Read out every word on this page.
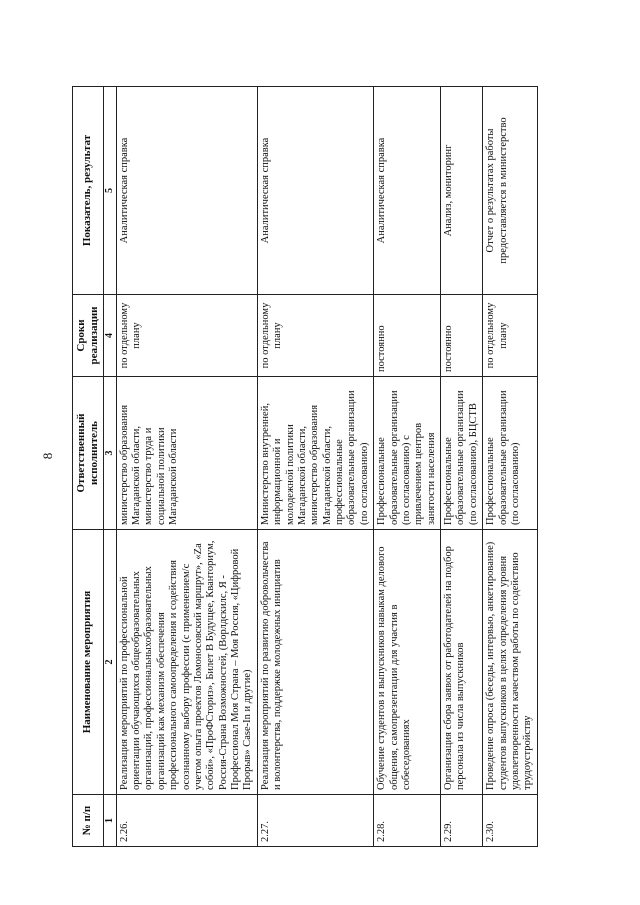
8
№ п/п	Наименование мероприятия	Ответственный исполнитель	Сроки реализации	Показатель, результат
1	2	3	4	5
2.26.	Реализация мероприятий по профессиональной ориентации обучающихся общеобразовательных организаций, профессиональныхобразовательных организаций как механизм обеспечения профессионального самоопределения и содействия осознанному выбору профессии (с применением/с учетом опыта проектов Ломоносовский маршрут», «Za собой», «ПроФСториз», Билет В Будущее, Кванториум, Россия-Страна Возможностей, (Ворлдскилс, Я - Профессионал Моя Страна – Моя Россия, «Цифровой Прорыв» Case-In и другие)	министерство образования Магаданской области, министерство труда и социальной политики Магаданской области	по отдельному плану	Аналитическая справка
2.27.	Реализация мероприятий по развитию добровольчества и волонтерства, поддержке молодежных инициатив	Министерство внутренней, информационной и молодежной политики Магаданской области, министерство образования Магаданской области, профессиональные образовательные организации (по согласованию)	по отдельному плану	Аналитическая справка
2.28.	Обучение студентов и выпускников навыкам делового общения, самопрезентации для участия в собеседованиях	Профессиональные образовательные организации (по согласованию) с привлечением центров занятости населения	постоянно	Аналитическая справка
2.29.	Организация сбора заявок от работодателей на подбор персонала из числа выпускников	Профессиональные образовательные организации (по согласованию), БЦСТВ	постоянно	Анализ, мониторинг
2.30.	Проведение опроса (беседы, интервью, анкетирование) студентов выпускников в целях определения уровня удовлетворенности качеством работы по содействию трудоустройству	Профессиональные образовательные организации (по согласованию)	по отдельному плану	Отчет о результатах работы предоставляется в министерство
